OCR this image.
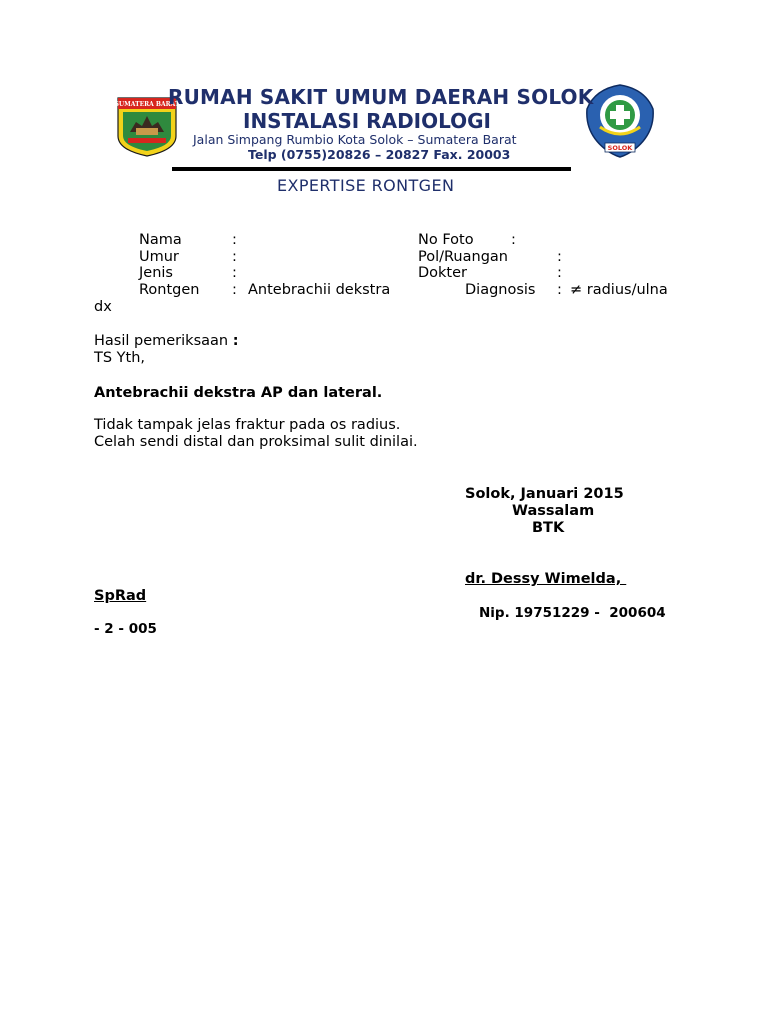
SUMATERA BARAT
SOLOK
RUMAH SAKIT UMUM DAERAH SOLOK
INSTALASI RADIOLOGI
Jalan Simpang Rumbio Kota Solok – Sumatera Barat
Telp (0755)20826 – 20827 Fax. 20003
EXPERTISE RONTGEN
Nama	:	No Foto	:
Umur	:	Pol/Ruangan	:
Jenis	:	Dokter	:
Rontgen : Antebrachii dekstra	Diagnosis : ≠ radius/ulna
dx
Hasil pemeriksaan :
TS Yth,
Antebrachii dekstra AP dan lateral.
Tidak tampak jelas fraktur pada os radius.
Celah sendi distal dan proksimal sulit dinilai.
Solok, Januari 2015
Wassalam
BTK
dr. Dessy Wimelda,
SpRad
Nip. 19751229 -  200604
- 2 - 005
